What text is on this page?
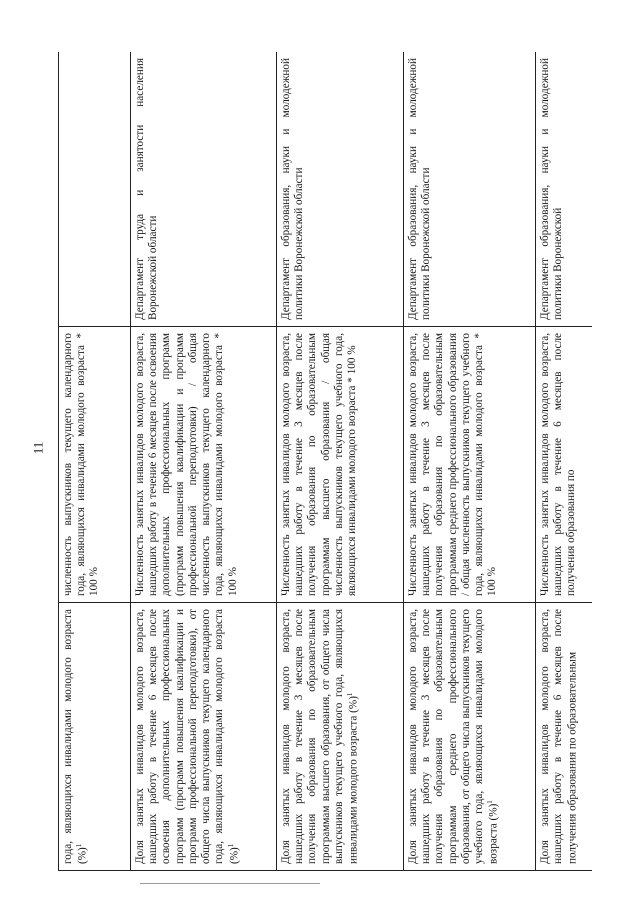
11
года, являющихся инвалидами молодого возраста (%)$^1$
численность выпускников текущего календарного года, являющихся инвалидами молодого возраста * 100 %
Доля занятых инвалидов молодого возраста, нашедших работу в течение 6 месяцев после освоения дополнительных профессиональных программ (программ повышения квалификации и программ профессиональной переподготовки), от общего числа выпускников текущего календарного года, являющихся инвалидами молодого возраста (%)$^1$
Численность занятых инвалидов молодого возраста, нашедших работу в течение 6 месяцев после освоения дополнительных профессиональных программ (программ повышения квалификации и программ профессиональной переподготовки) / общая численность выпускников текущего календарного года, являющихся инвалидами молодого возраста * 100 %
Департамент труда и занятости населения Воронежской области
Доля занятых инвалидов молодого возраста, нашедших работу в течение 3 месяцев после получения образования по образовательным программам высшего образования, от общего числа выпускников текущего учебного года, являющихся инвалидами молодого возраста (%)$^1$
Численность занятых инвалидов молодого возраста, нашедших работу в течение 3 месяцев после получения образования по образовательным программам высшего образования / общая численность выпускников текущего учебного года, являющихся инвалидами молодого возраста * 100 %
Департамент образования, науки и молодежной политики Воронежской области
Доля занятых инвалидов молодого возраста, нашедших работу в течение 3 месяцев после получения образования по образовательным программам среднего профессионального образования, от общего числа выпускников текущего учебного года, являющихся инвалидами молодого возраста (%)$^1$
Численность занятых инвалидов молодого возраста, нашедших работу в течение 3 месяцев после получения образования по образовательным программам среднего профессионального образования / общая численность выпускников текущего учебного года, являющихся инвалидами молодого возраста * 100 %
Департамент образования, науки и молодежной политики Воронежской области
Доля занятых инвалидов молодого возраста, нашедших работу в течение 6 месяцев после получения образования по образовательным
Численность занятых инвалидов молодого возраста, нашедших работу в течение 6 месяцев после получения образования по
Департамент образования, науки и молодежной политики Воронежской
